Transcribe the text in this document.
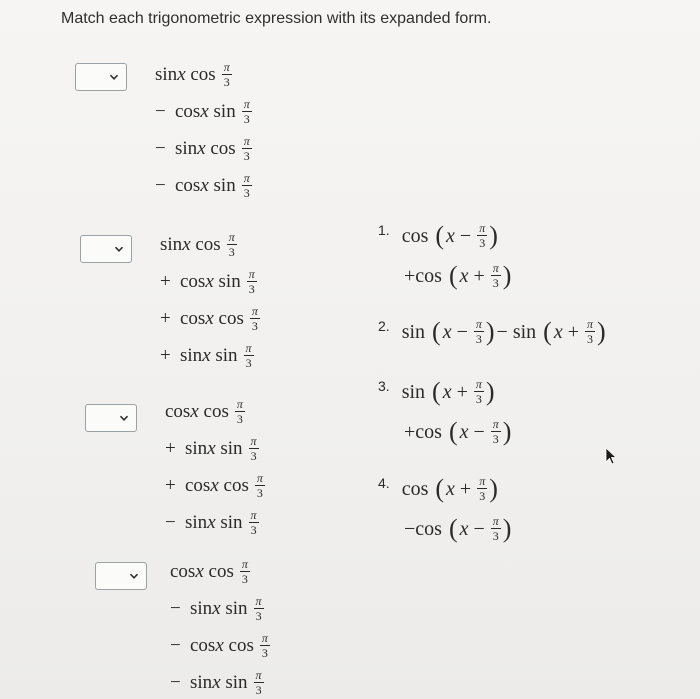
Match each trigonometric expression with its expanded form.
sin x $\cos \frac{\pi}{3}$
− cos x $\sin \frac{\pi}{3}$
− sin x $\cos \frac{\pi}{3}$
− cos x $\sin \frac{\pi}{3}$
sin x $\cos \frac{\pi}{3}$
+ cos x $\sin \frac{\pi}{3}$
+ cos x $\cos \frac{\pi}{3}$
+ sin x $\sin \frac{\pi}{3}$
cos x $\cos \frac{\pi}{3}$
+ sin x $\sin \frac{\pi}{3}$
+ cos x $\cos \frac{\pi}{3}$
− sin x $\sin \frac{\pi}{3}$
cos x $\cos \frac{\pi}{3}$
− sin x $\sin \frac{\pi}{3}$
− cos x $\cos \frac{\pi}{3}$
− sin x $\sin \frac{\pi}{3}$
1. cos ( $x - \frac{\pi}{3}$ )
+ cos ( $x + \frac{\pi}{3}$ )
2. sin ( $x - \frac{\pi}{3}$ ) − sin ( $x + \frac{\pi}{3}$ )
3. sin ( $x + \frac{\pi}{3}$ )
+ cos ( $x - \frac{\pi}{3}$ )
4. cos ( $x + \frac{\pi}{3}$ )
− cos ( $x - \frac{\pi}{3}$ )
